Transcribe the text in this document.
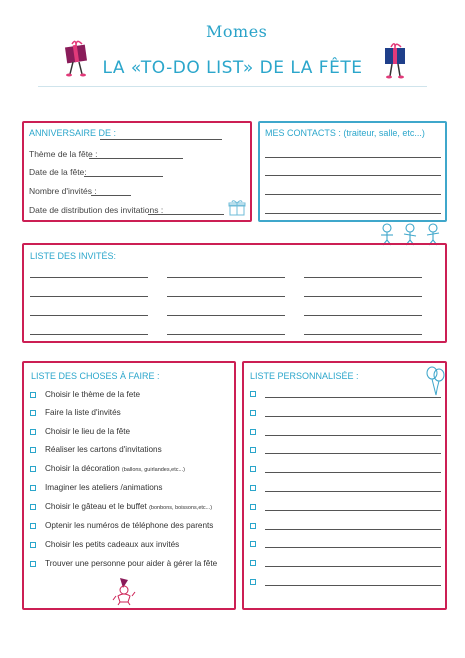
Momes
LA «TO-DO LIST» DE LA FÊTE
ANNIVERSAIRE DE :
Thème de la fête :
Date de la fête:
Nombre d'invités :
Date de distribution des invitations :
MES CONTACTS : (traiteur, salle, etc...)
LISTE DES INVITÉS:
LISTE DES CHOSES À FAIRE :
Choisir le thème de la fete
Faire la liste d'invités
Choisir le lieu de la fête
Réaliser les cartons d'invitations
Choisir la décoration (ballons, guirlandes,etc...)
Imaginer les ateliers /animations
Choisir le gâteau et le buffet (bonbons, boissons,etc...)
Optenir les numéros de téléphone des parents
Choisir les petits cadeaux aux invités
Trouver une personne pour aider à gérer la fête
LISTE PERSONNALISÉE :
